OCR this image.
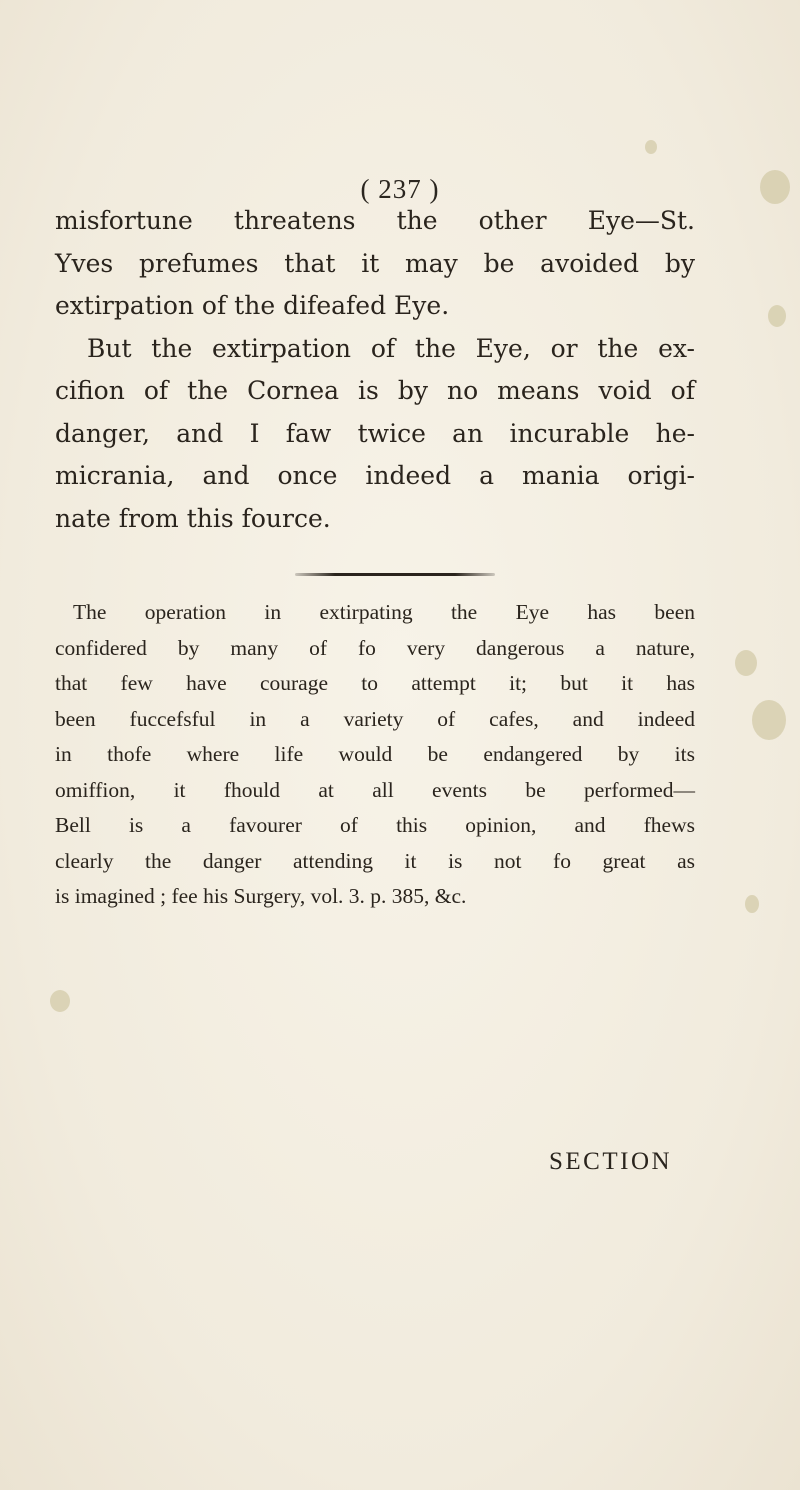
( 237 )
misfortune threatens the other Eye—St.
Yves prefumes that it may be avoided by
extirpation of the difeafed Eye.
But the extirpation of the Eye, or the ex-
cifion of the Cornea is by no means void of
danger, and I faw twice an incurable he-
micrania, and once indeed a mania origi-
nate from this fource.
The operation in extirpating the Eye has been
confidered by many of fo very dangerous a nature,
that few have courage to attempt it; but it has
been fuccefsful in a variety of cafes, and indeed
in thofe where life would be endangered by its
omiffion, it fhould at all events be performed—
Bell is a favourer of this opinion, and fhews
clearly the danger attending it is not fo great as
is imagined ; fee his Surgery, vol. 3. p. 385, &c.
SECTION
